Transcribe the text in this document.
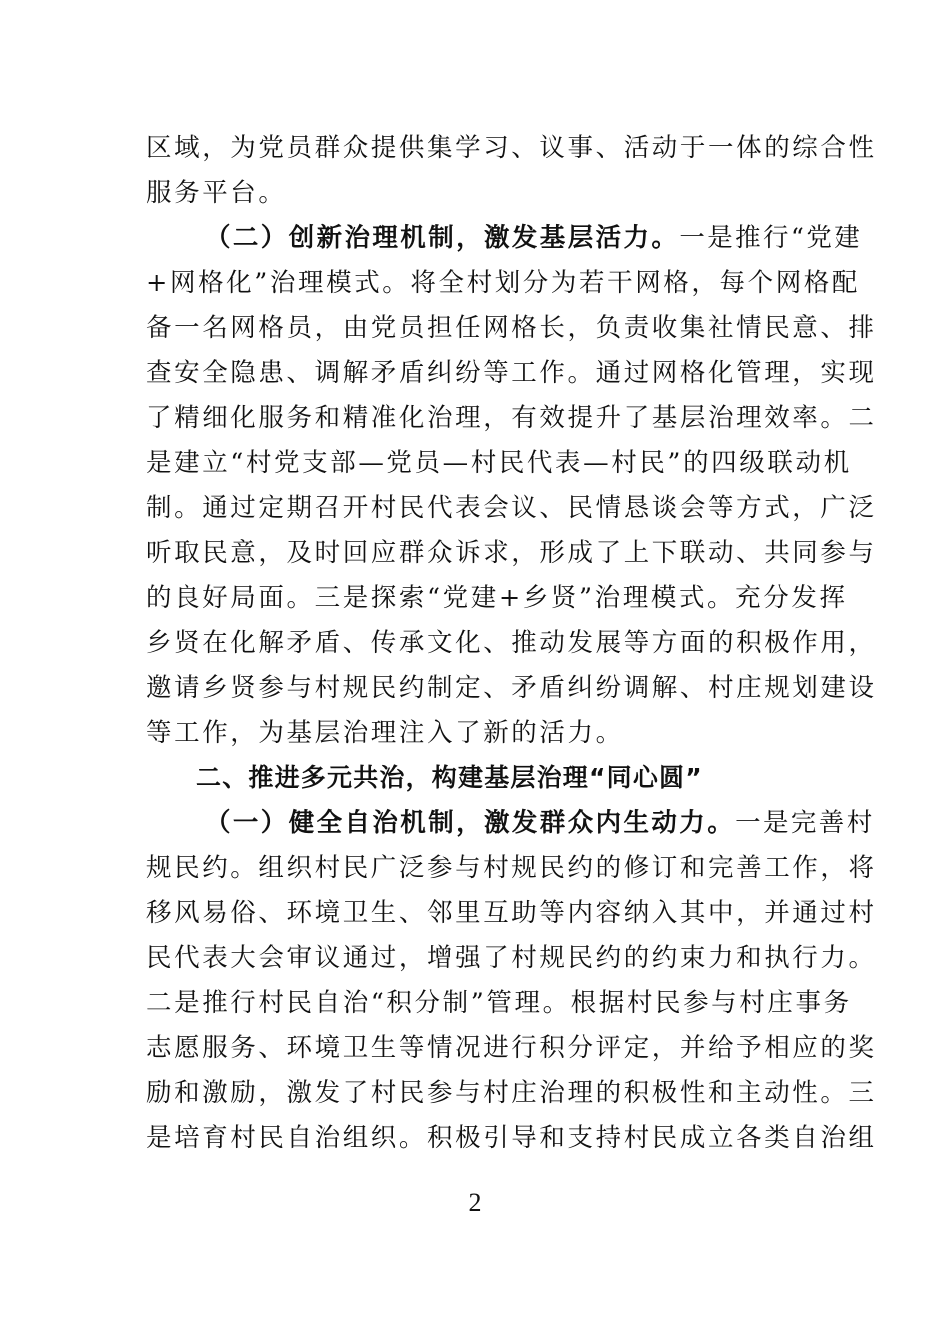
区域，为党员群众提供集学习、议事、活动于一体的综合性
服务平台。
（二）创新治理机制，激发基层活力。一是推行“党建
+网格化”治理模式。将全村划分为若干网格，每个网格配
备一名网格员，由党员担任网格长，负责收集社情民意、排
查安全隐患、调解矛盾纠纷等工作。通过网格化管理，实现
了精细化服务和精准化治理，有效提升了基层治理效率。二
是建立“村党支部—党员—村民代表—村民”的四级联动机
制。通过定期召开村民代表会议、民情恳谈会等方式，广泛
听取民意，及时回应群众诉求，形成了上下联动、共同参与
的良好局面。三是探索“党建+乡贤”治理模式。充分发挥
乡贤在化解矛盾、传承文化、推动发展等方面的积极作用，
邀请乡贤参与村规民约制定、矛盾纠纷调解、村庄规划建设
等工作，为基层治理注入了新的活力。
二、推进多元共治，构建基层治理“同心圆”
（一）健全自治机制，激发群众内生动力。一是完善村
规民约。组织村民广泛参与村规民约的修订和完善工作，将
移风易俗、环境卫生、邻里互助等内容纳入其中，并通过村
民代表大会审议通过，增强了村规民约的约束力和执行力。
二是推行村民自治“积分制”管理。根据村民参与村庄事务
志愿服务、环境卫生等情况进行积分评定，并给予相应的奖
励和激励，激发了村民参与村庄治理的积极性和主动性。三
是培育村民自治组织。积极引导和支持村民成立各类自治组
2
